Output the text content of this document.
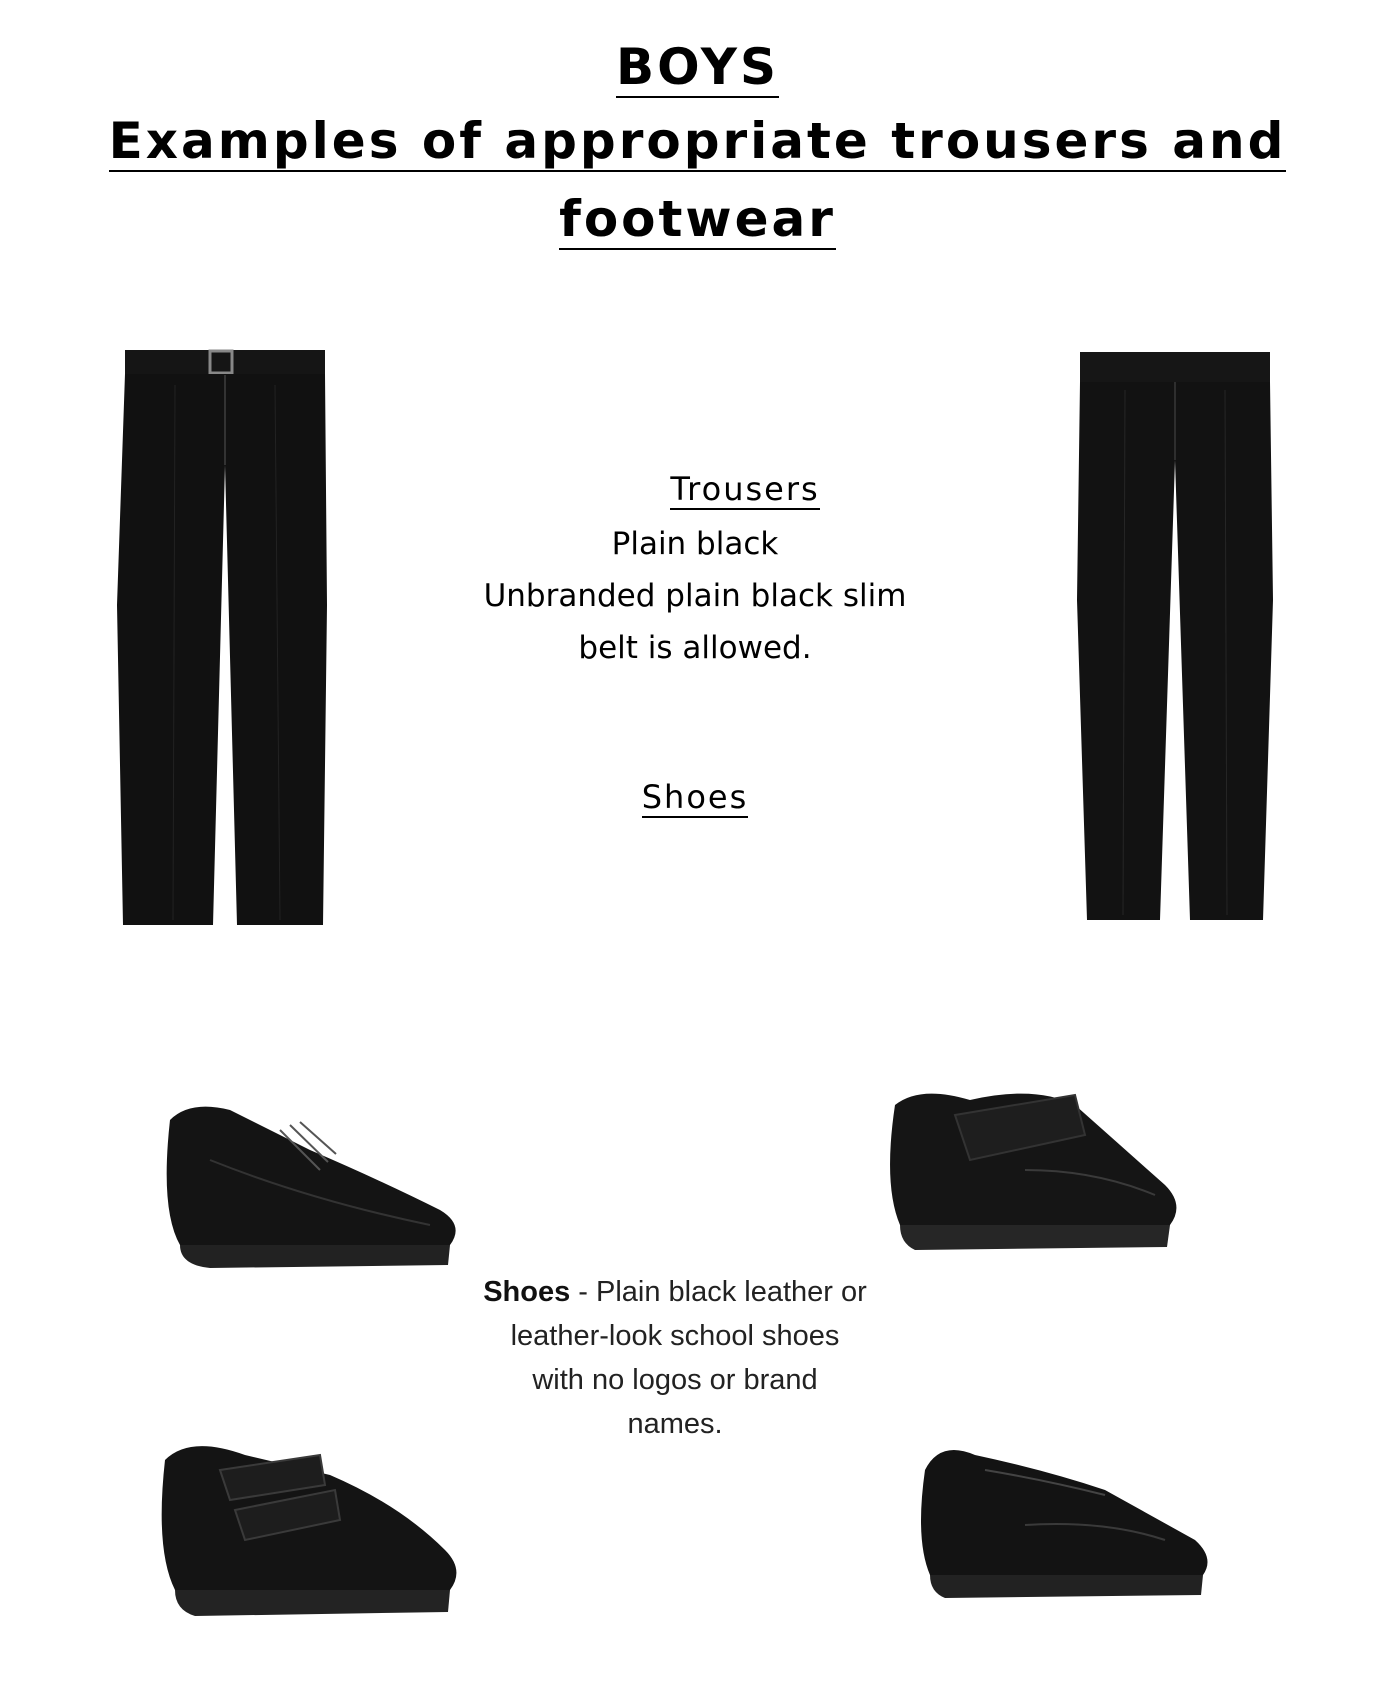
BOYS
Examples of appropriate trousers and
footwear
Trousers
Plain black
Unbranded plain black slim
belt is allowed.
Shoes
Shoes - Plain black leather or
leather-look school shoes
with no logos or brand
names.
